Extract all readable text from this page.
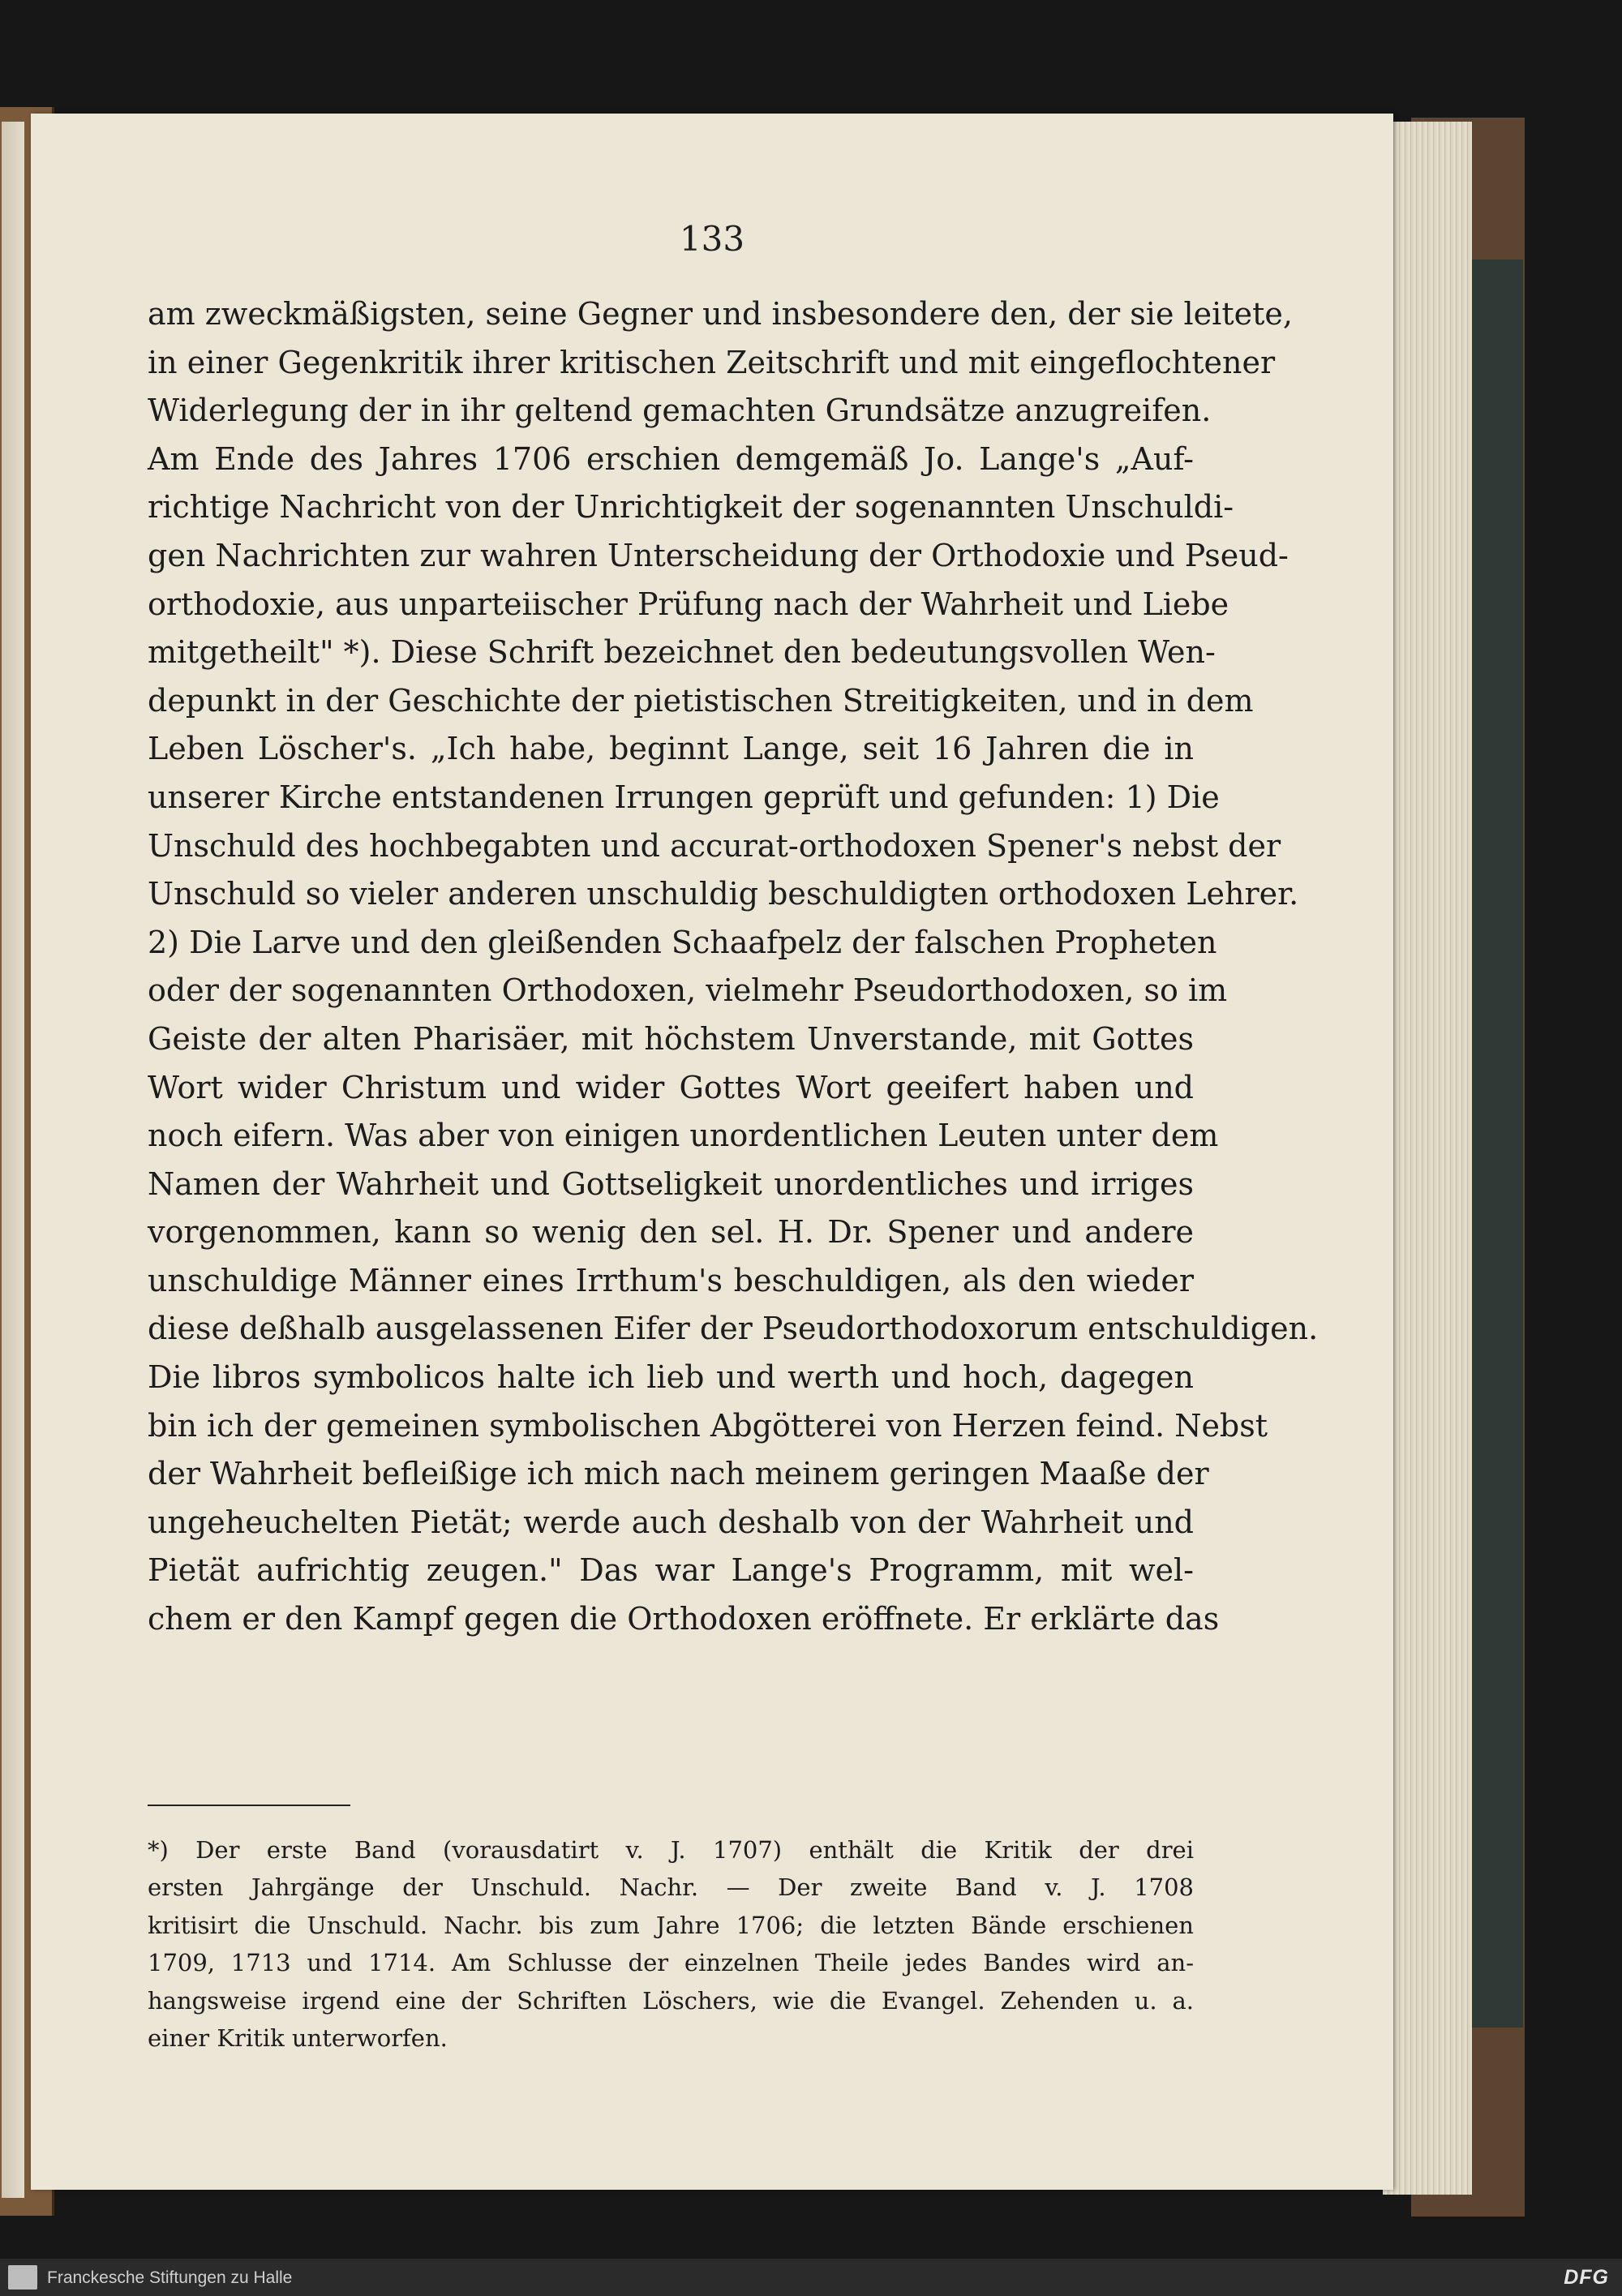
133
am zweckmäßigsten, seine Gegner und insbesondere den, der sie leitete,
in einer Gegenkritik ihrer kritischen Zeitschrift und mit eingeflochtener
Widerlegung der in ihr geltend gemachten Grundsätze anzugreifen.
Am Ende des Jahres 1706 erschien demgemäß Jo. Lange's „Auf-
richtige Nachricht von der Unrichtigkeit der sogenannten Unschuldi-
gen Nachrichten zur wahren Unterscheidung der Orthodoxie und Pseud-
orthodoxie, aus unparteiischer Prüfung nach der Wahrheit und Liebe
mitgetheilt" *). Diese Schrift bezeichnet den bedeutungsvollen Wen-
depunkt in der Geschichte der pietistischen Streitigkeiten, und in dem
Leben Löscher's. „Ich habe, beginnt Lange, seit 16 Jahren die in
unserer Kirche entstandenen Irrungen geprüft und gefunden: 1) Die
Unschuld des hochbegabten und accurat-orthodoxen Spener's nebst der
Unschuld so vieler anderen unschuldig beschuldigten orthodoxen Lehrer.
2) Die Larve und den gleißenden Schaafpelz der falschen Propheten
oder der sogenannten Orthodoxen, vielmehr Pseudorthodoxen, so im
Geiste der alten Pharisäer, mit höchstem Unverstande, mit Gottes
Wort wider Christum und wider Gottes Wort geeifert haben und
noch eifern. Was aber von einigen unordentlichen Leuten unter dem
Namen der Wahrheit und Gottseligkeit unordentliches und irriges
vorgenommen, kann so wenig den sel. H. Dr. Spener und andere
unschuldige Männer eines Irrthum's beschuldigen, als den wieder
diese deßhalb ausgelassenen Eifer der Pseudorthodoxorum entschuldigen.
Die libros symbolicos halte ich lieb und werth und hoch, dagegen
bin ich der gemeinen symbolischen Abgötterei von Herzen feind. Nebst
der Wahrheit befleißige ich mich nach meinem geringen Maaße der
ungeheuchelten Pietät; werde auch deshalb von der Wahrheit und
Pietät aufrichtig zeugen." Das war Lange's Programm, mit wel-
chem er den Kampf gegen die Orthodoxen eröffnete. Er erklärte das
*) Der erste Band (vorausdatirt v. J. 1707) enthält die Kritik der drei
ersten Jahrgänge der Unschuld. Nachr. — Der zweite Band v. J. 1708
kritisirt die Unschuld. Nachr. bis zum Jahre 1706; die letzten Bände erschienen
1709, 1713 und 1714. Am Schlusse der einzelnen Theile jedes Bandes wird an-
hangsweise irgend eine der Schriften Löschers, wie die Evangel. Zehenden u. a.
einer Kritik unterworfen.
Franckesche Stiftungen zu Halle	DFG
